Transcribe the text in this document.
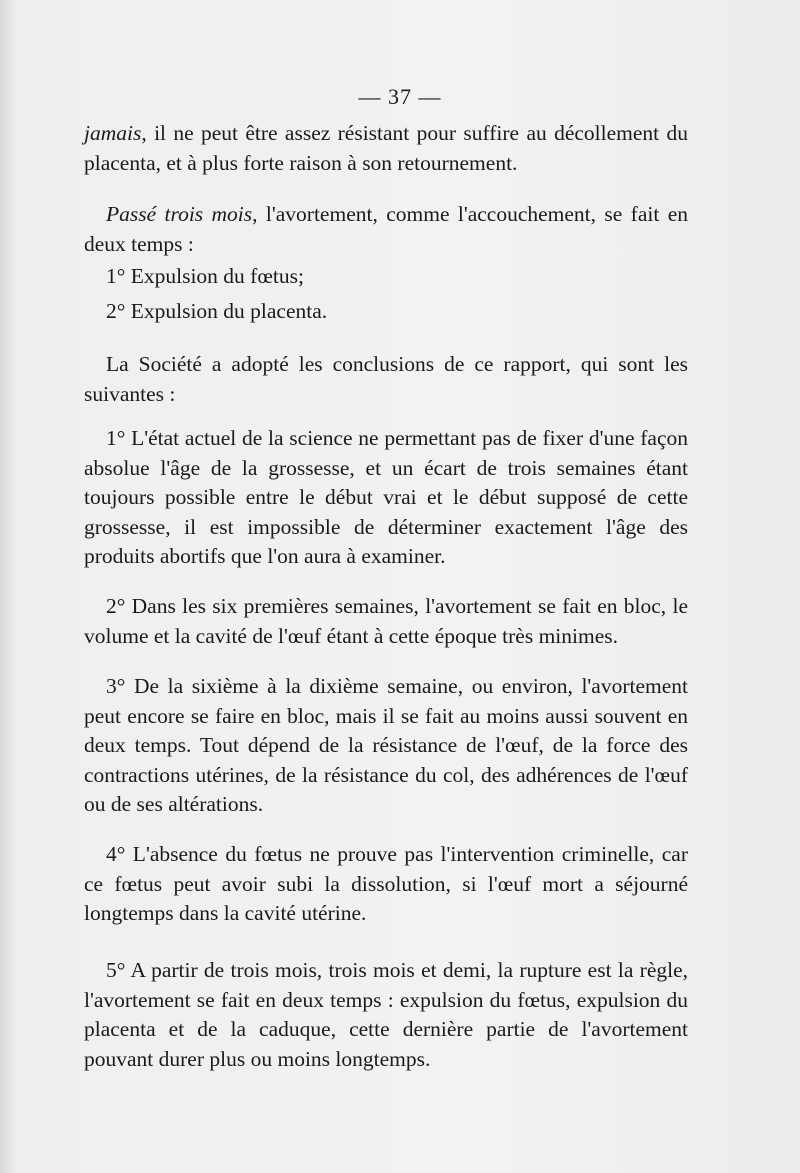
— 37 —

jamais, il ne peut être assez résistant pour suffire au décollement du placenta, et à plus forte raison à son retournement.

Passé trois mois, l'avortement, comme l'accouchement, se fait en deux temps :

1° Expulsion du fœtus;

2° Expulsion du placenta.

La Société a adopté les conclusions de ce rapport, qui sont les suivantes :

1° L'état actuel de la science ne permettant pas de fixer d'une façon absolue l'âge de la grossesse, et un écart de trois semaines étant toujours possible entre le début vrai et le début supposé de cette grossesse, il est impossible de déterminer exactement l'âge des produits abortifs que l'on aura à examiner.

2° Dans les six premières semaines, l'avortement se fait en bloc, le volume et la cavité de l'œuf étant à cette époque très minimes.

3° De la sixième à la dixième semaine, ou environ, l'avortement peut encore se faire en bloc, mais il se fait au moins aussi souvent en deux temps. Tout dépend de la résistance de l'œuf, de la force des contractions utérines, de la résistance du col, des adhérences de l'œuf ou de ses altérations.

4° L'absence du fœtus ne prouve pas l'intervention criminelle, car ce fœtus peut avoir subi la dissolution, si l'œuf mort a séjourné longtemps dans la cavité utérine.

5° A partir de trois mois, trois mois et demi, la rupture est la règle, l'avortement se fait en deux temps : expulsion du fœtus, expulsion du placenta et de la caduque, cette dernière partie de l'avortement pouvant durer plus ou moins longtemps.
